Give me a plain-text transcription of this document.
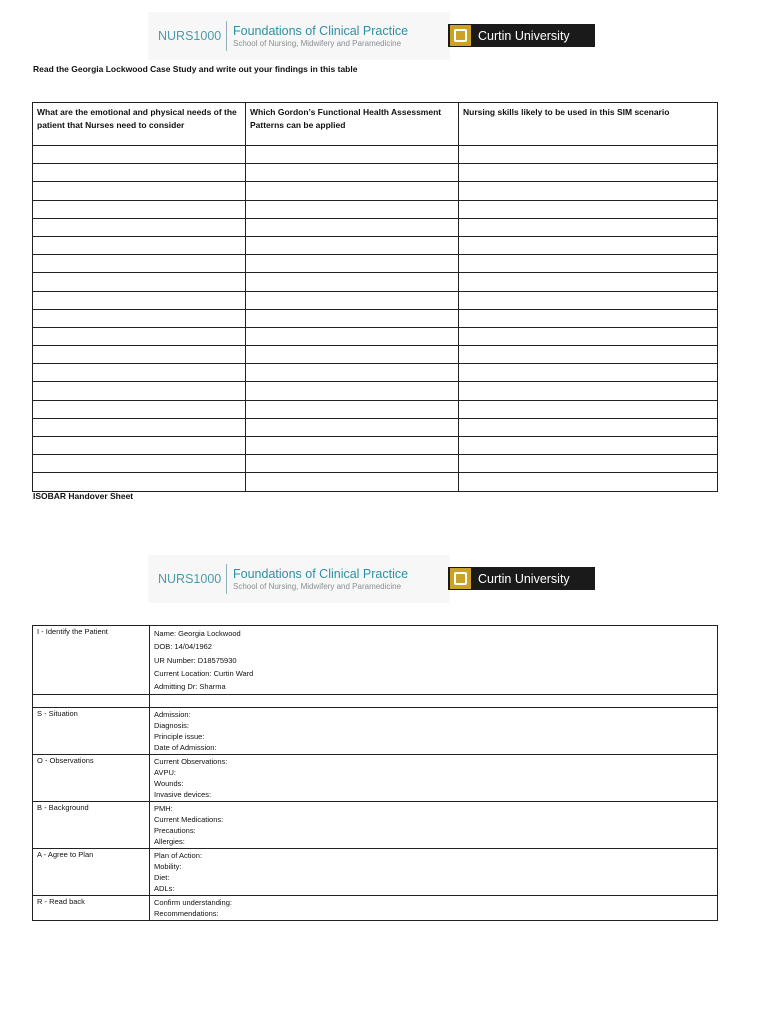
NURS1000 Foundations of Clinical Practice
School of Nursing, Midwifery and Paramedicine
Curtin University
Read the Georgia Lockwood Case Study and write out your findings in this table
What are the emotional and physical needs of the patient that Nurses need to consider	Which Gordon’s Functional Health Assessment Patterns can be applied	Nursing skills likely to be used in this SIM scenario

ISOBAR Handover Sheet
NURS1000 Foundations of Clinical Practice
School of Nursing, Midwifery and Paramedicine
Curtin University
I - Identify the Patient	Name: Georgia Lockwood
DOB: 14/04/1962
UR Number: D18575930
Current Location: Curtin Ward
Admitting Dr: Sharma

S - Situation	Admission:
Diagnosis:
Principle issue:
Date of Admission:

O - Observations	Current Observations:
AVPU:
Wounds:
Invasive devices:

B - Background	PMH:
Current Medications:
Precautions:
Allergies:

A - Agree to Plan	Plan of Action:
Mobility:
Diet:
ADLs:

R - Read back	Confirm understanding:
Recommendations:
